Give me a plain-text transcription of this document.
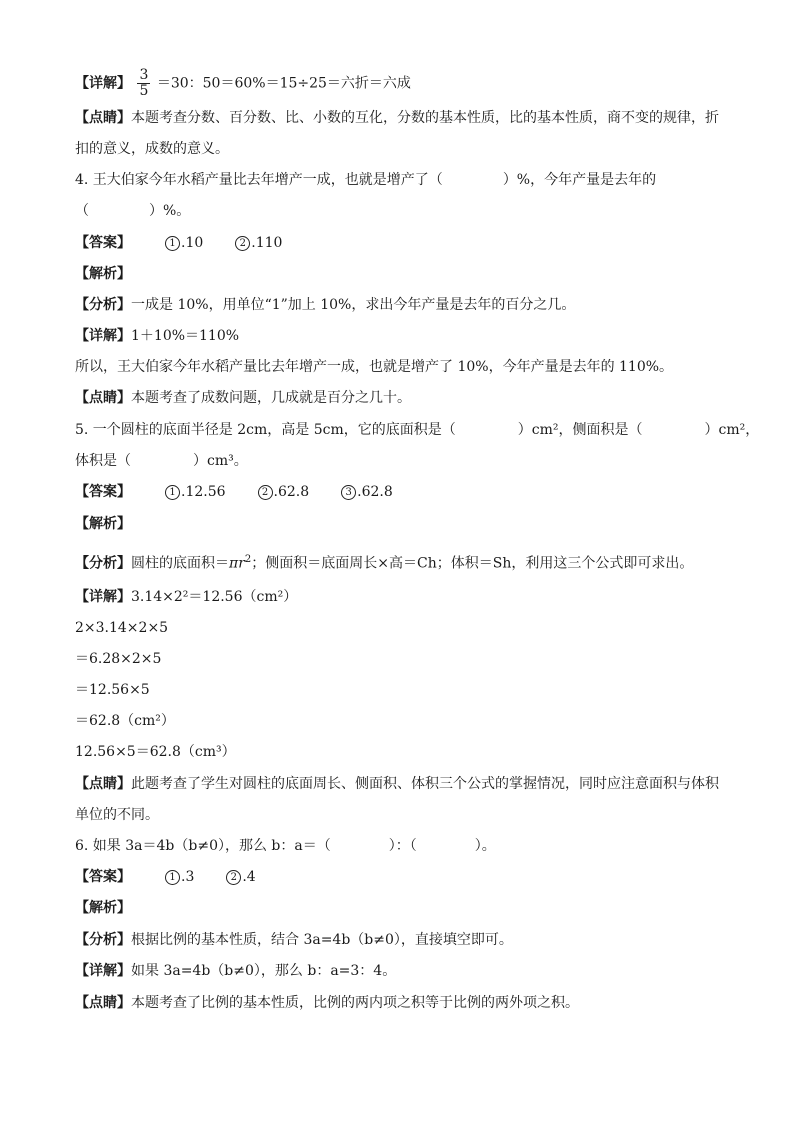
【详解】 $\frac{3}{5} =30$：50＝60%＝15÷25＝六折＝六成
【点睛】本题考查分数、百分数、比、小数的互化，分数的基本性质，比的基本性质，商不变的规律，折
扣的意义，成数的意义。
4. 王大伯家今年水稻产量比去年增产一成，也就是增产了（	）%，今年产量是去年的
（	）%。
【答案】	1 .10	2 .110
【解析】
【分析】一成是 10%，用单位“1”加上 10%，求出今年产量是去年的百分之几。
【详解】1＋10%＝110%
所以，王大伯家今年水稻产量比去年增产一成，也就是增产了 10%，今年产量是去年的 110%。
【点睛】本题考查了成数问题，几成就是百分之几十。
5. 一个圆柱的底面半径是 2cm，高是 5cm，它的底面积是（	）cm²，侧面积是（	）cm²，
体积是（	）cm³。
【答案】	1 .12.56	2 .62.8	3 .62.8
【解析】
【分析】圆柱的底面积$=\pi r^2$；侧面积＝底面周长×高＝Ch；体积＝Sh，利用这三个公式即可求出。
【详解】3.14×2²＝12.56（cm²）
2×3.14×2×5
＝6.28×2×5
＝12.56×5
＝62.8（cm²）
12.56×5＝62.8（cm³）
【点睛】此题考查了学生对圆柱的底面周长、侧面积、体积三个公式的掌握情况，同时应注意面积与体积
单位的不同。
6. 如果 3a＝4b（b≠0），那么 b：a＝（	）：（	）。
【答案】	1 .3	2 .4
【解析】
【分析】根据比例的基本性质，结合 3a=4b（b≠0），直接填空即可。
【详解】如果 3a=4b（b≠0），那么 b：a=3：4。
【点睛】本题考查了比例的基本性质，比例的两内项之积等于比例的两外项之积。
